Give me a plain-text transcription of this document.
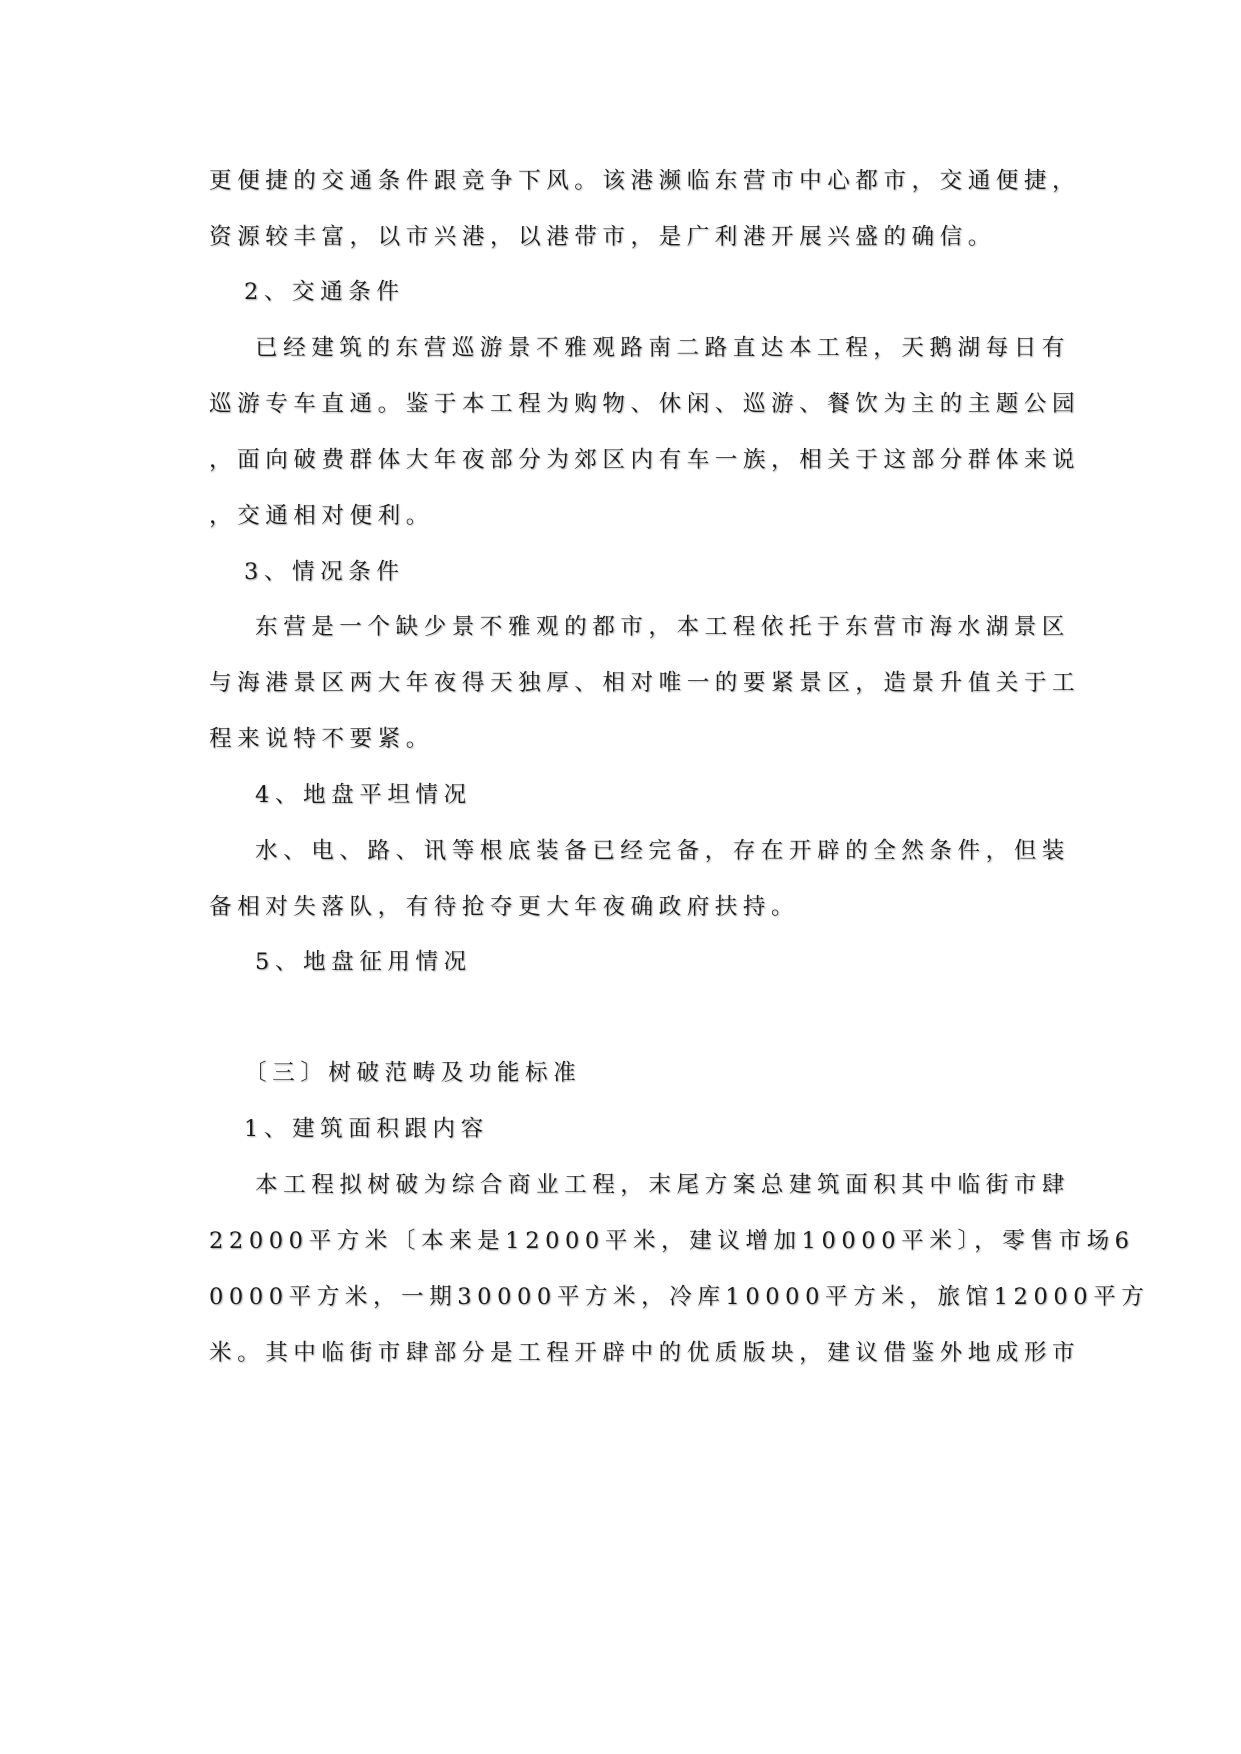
更便捷的交通条件跟竞争下风。该港濒临东营市中心都市，交通便捷，
资源较丰富，以市兴港，以港带市，是广利港开展兴盛的确信。
2、交通条件
已经建筑的东营巡游景不雅观路南二路直达本工程，天鹅湖每日有
巡游专车直通。鉴于本工程为购物、休闲、巡游、餐饮为主的主题公园
，面向破费群体大年夜部分为郊区内有车一族，相关于这部分群体来说
，交通相对便利。
3、情况条件
东营是一个缺少景不雅观的都市，本工程依托于东营市海水湖景区
与海港景区两大年夜得天独厚、相对唯一的要紧景区，造景升值关于工
程来说特不要紧。
4、地盘平坦情况
水、电、路、讯等根底装备已经完备，存在开辟的全然条件，但装
备相对失落队，有待抢夺更大年夜确政府扶持。
5、地盘征用情况
〔三〕树破范畴及功能标准
1、建筑面积跟内容
本工程拟树破为综合商业工程，末尾方案总建筑面积其中临街市肆
22000平方米〔本来是12000平米，建议增加10000平米〕，零售市场6
0000平方米，一期30000平方米，冷库10000平方米，旅馆12000平方
米。其中临街市肆部分是工程开辟中的优质版块，建议借鉴外地成形市
